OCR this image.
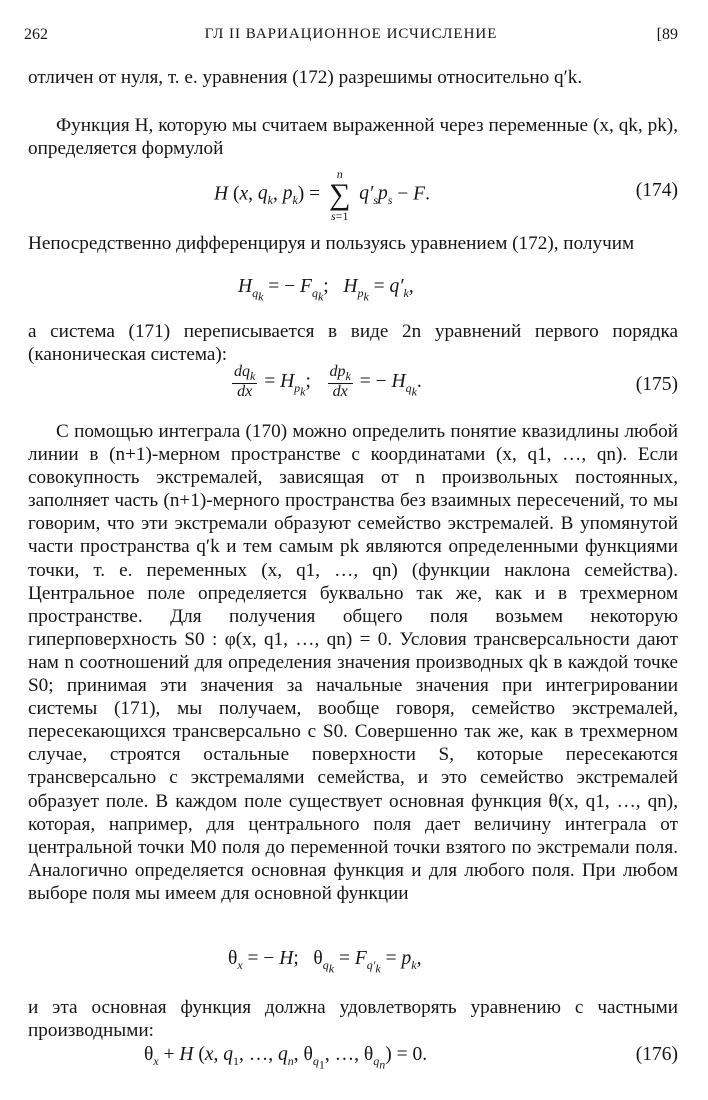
262	ГЛ II ВАРИАЦИОННОЕ ИСЧИСЛЕНИЕ	[89

отличен от нуля, т. е. уравнения (172) разрешимы относительно q′k.

Функция H, которую мы считаем выраженной через переменные (x, qk, pk), определяется формулой

H (x, $q_k$, $p_k$) =
n
∑
s=1
$q'_sp_s - F$.	(174)

Непосредственно дифференцируя и пользуясь уравнением (172), получим

$H_{q_k}$ = − $F_{q_k}$;   $H_{p_k} = q'_k$,

а система (171) переписывается в виде 2n уравнений первого порядка (каноническая система):

$\frac{dq_k}{dx} = H_{p_k}$; $\frac{dp_k}{dx}$ = − $H_{q_k}$.	(175)

С помощью интеграла (170) можно определить понятие квазидлины любой линии в (n+1)-мерном пространстве с координатами (x, q1, …, qn). Если совокупность экстремалей, зависящая от n произвольных постоянных, заполняет часть (n+1)-мерного пространства без взаимных пересечений, то мы говорим, что эти экстремали образуют семейство экстремалей. В упомянутой части пространства q′k и тем самым pk являются определенными функциями точки, т. е. переменных (x, q1, …, qn) (функции наклона семейства). Центральное поле определяется буквально так же, как и в трехмерном пространстве. Для получения общего поля возьмем некоторую гиперповерхность S0 : φ(x, q1, …, qn) = 0. Условия трансверсальности дают нам n соотношений для определения значения производных qk в каждой точке S0; принимая эти значения за начальные значения при интегрировании системы (171), мы получаем, вообще говоря, семейство экстремалей, пересекающихся трансверсально с S0. Совершенно так же, как в трехмерном случае, строятся остальные поверхности S, которые пересекаются трансверсально с экстремалями семейства, и это семейство экстремалей образует поле. В каждом поле существует основная функция θ(x, q1, …, qn), которая, например, для центрального поля дает величину интеграла от центральной точки M0 поля до переменной точки взятого по экстремали поля. Аналогично определяется основная функция и для любого поля. При любом выборе поля мы имеем для основной функции

$\theta_x$ = − H;   $\theta_{q_k} = F_{q'_k} = p_k$,

и эта основная функция должна удовлетворять уравнению с частными производными:

$\theta_x + H$ (x, $q_1$, …, $q_n$, $\theta_{q_1}$, …, $\theta_{q_n}) = 0$.	(176)
